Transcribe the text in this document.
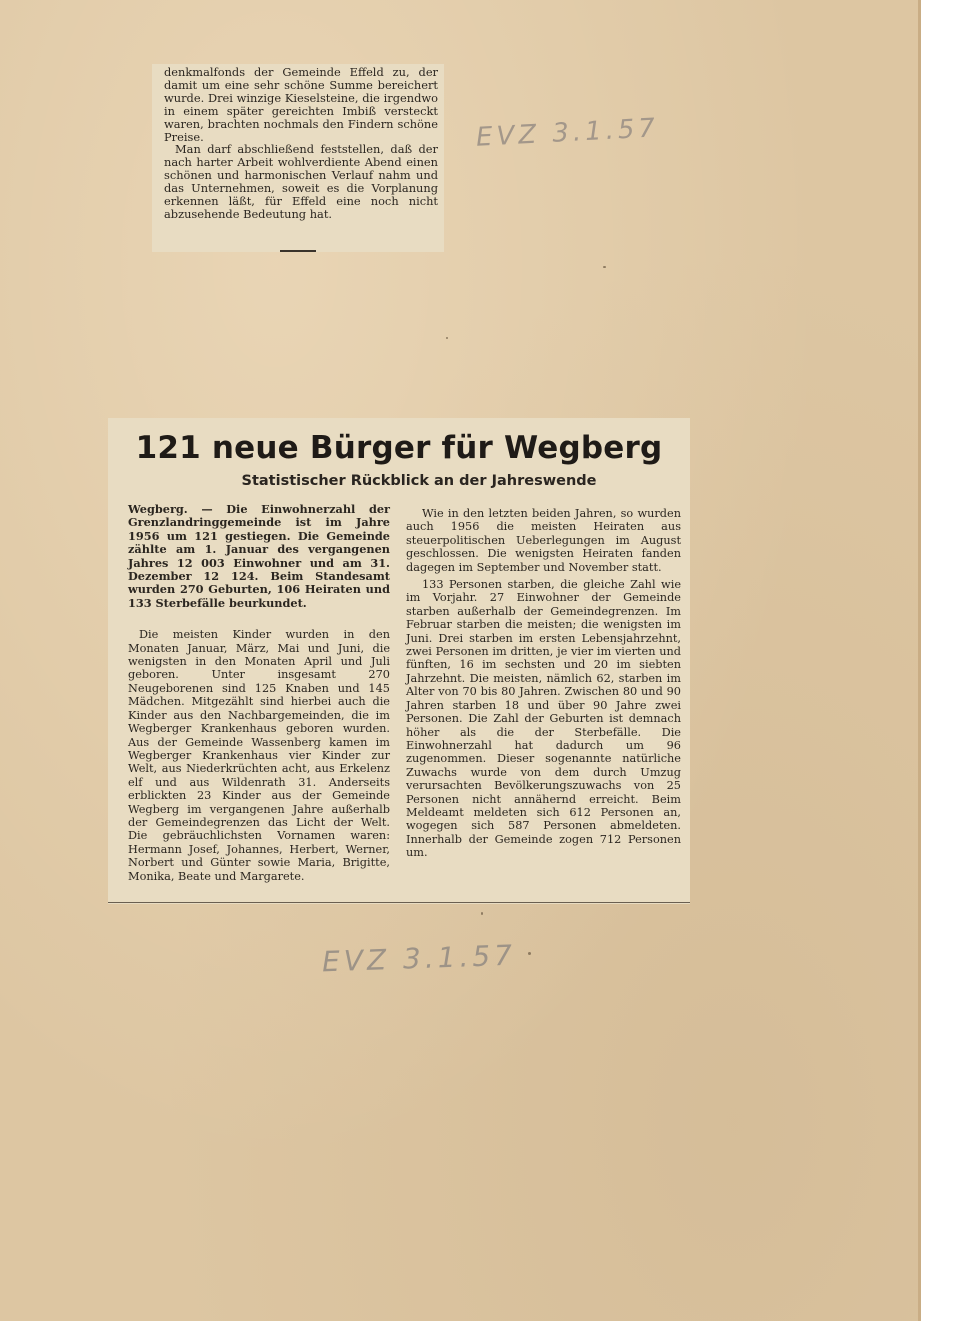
denkmalfonds der Gemeinde Effeld zu, der damit um eine sehr schöne Summe bereichert wurde. Drei winzige Kieselsteine, die irgendwo in einem später gereichten Imbiß versteckt waren, brachten nochmals den Findern schöne Preise.

Man darf abschließend feststellen, daß der nach harter Arbeit wohlverdiente Abend einen schönen und harmonischen Verlauf nahm und das Unternehmen, soweit es die Vorplanung erkennen läßt, für Effeld eine noch nicht abzusehende Bedeutung hat.

EVZ 3.1.57
121 neue Bürger für Wegberg
Statistischer Rückblick an der Jahreswende

Wegberg. — Die Einwohnerzahl der Grenzlandringgemeinde ist im Jahre 1956 um 121 gestiegen. Die Gemeinde zählte am 1. Januar des vergangenen Jahres 12 003 Einwohner und am 31. Dezember 12 124. Beim Standesamt wurden 270 Geburten, 106 Heiraten und 133 Sterbefälle beurkundet.

Die meisten Kinder wurden in den Monaten Januar, März, Mai und Juni, die wenigsten in den Monaten April und Juli geboren. Unter insgesamt 270 Neugeborenen sind 125 Knaben und 145 Mädchen. Mitgezählt sind hierbei auch die Kinder aus den Nachbargemeinden, die im Wegberger Krankenhaus geboren wurden. Aus der Gemeinde Wassenberg kamen im Wegberger Krankenhaus vier Kinder zur Welt, aus Niederkrüchten acht, aus Erkelenz elf und aus Wildenrath 31. Anderseits erblickten 23 Kinder aus der Gemeinde Wegberg im vergangenen Jahre außerhalb der Gemeindegrenzen das Licht der Welt. Die gebräuchlichsten Vornamen waren: Hermann Josef, Johannes, Herbert, Werner, Norbert und Günter sowie Maria, Brigitte, Monika, Beate und Margarete.

Wie in den letzten beiden Jahren, so wurden auch 1956 die meisten Heiraten aus steuerpolitischen Ueberlegungen im August geschlossen. Die wenigsten Heiraten fanden dagegen im September und November statt.

133 Personen starben, die gleiche Zahl wie im Vorjahr. 27 Einwohner der Gemeinde starben außerhalb der Gemeindegrenzen. Im Februar starben die meisten; die wenigsten im Juni. Drei starben im ersten Lebensjahrzehnt, zwei Personen im dritten, je vier im vierten und fünften, 16 im sechsten und 20 im siebten Jahrzehnt. Die meisten, nämlich 62, starben im Alter von 70 bis 80 Jahren. Zwischen 80 und 90 Jahren starben 18 und über 90 Jahre zwei Personen. Die Zahl der Geburten ist demnach höher als die der Sterbefälle. Die Einwohnerzahl hat dadurch um 96 zugenommen. Dieser sogenannte natürliche Zuwachs wurde von dem durch Umzug verursachten Bevölkerungszuwachs von 25 Personen nicht annähernd erreicht. Beim Meldeamt meldeten sich 612 Personen an, wogegen sich 587 Personen abmeldeten. Innerhalb der Gemeinde zogen 712 Personen um.

EVZ 3.1.57
